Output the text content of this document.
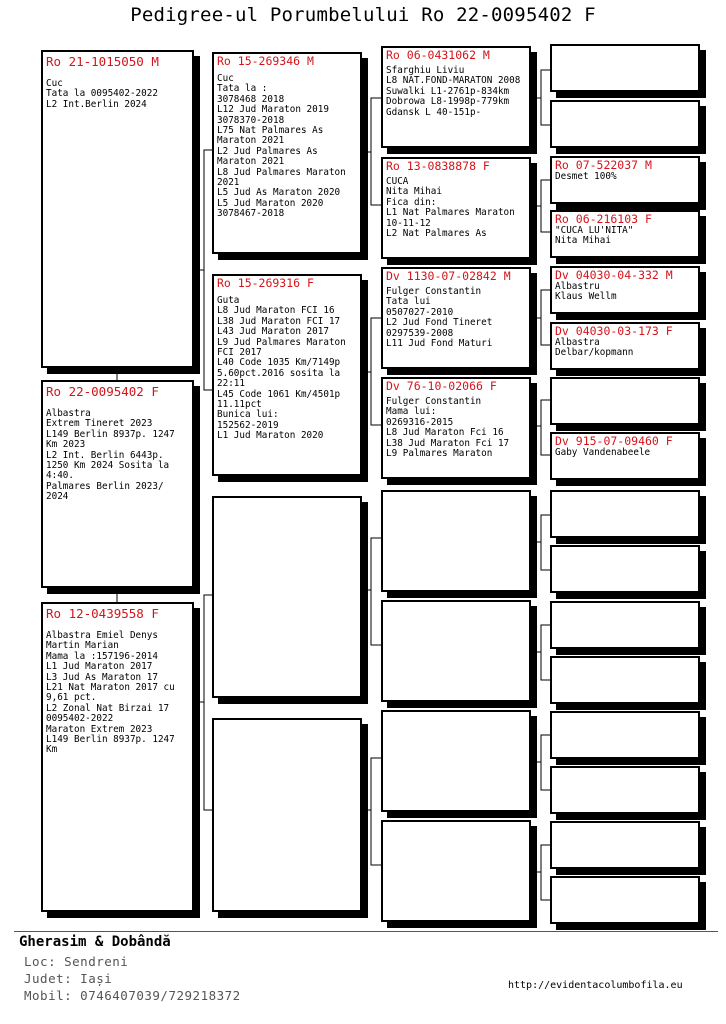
Pedigree-ul Porumbelului Ro 22-0095402 F
Ro 21-1015050 M
Cuc
Tata la 0095402-2022
L2 Int.Berlin 2024
Ro 22-0095402 F
Albastra
Extrem Tineret 2023
L149 Berlin 8937p. 1247 Km 2023
L2 Int. Berlin 6443p. 1250 Km 2024 Sosita la 4:40.
Palmares Berlin 2023/ 2024
Ro 12-0439558 F
Albastra Emiel Denys
Martin Marian
Mama la :157196-2014
L1 Jud Maraton 2017
L3 Jud As Maraton 17
L21 Nat Maraton 2017 cu 9,61 pct.
L2 Zonal Nat Birzai 17
0095402-2022
Maraton Extrem 2023
L149 Berlin 8937p. 1247 Km
Ro 15-269346 M
Cuc
Tata la :
3078468 2018
L12 Jud Maraton 2019
3078370-2018
L75 Nat Palmares As Maraton 2021
L2 Jud Palmares As Maraton 2021
L8 Jud Palmares Maraton 2021
L5 Jud As Maraton 2020
L5 Jud Maraton 2020
3078467-2018
Ro 15-269316 F
Guta
L8 Jud Maraton FCI 16
L38 Jud Maraton FCI 17
L43 Jud Maraton 2017
L9 Jud Palmares Maraton FCI 2017
L40 Code 1035 Km/7149p 5.60pct.2016 sosita la 22:11
L45 Code 1061 Km/4501p 11.11pct
Bunica lui:
152562-2019
L1 Jud Maraton 2020
Ro 06-0431062 M
Sfarghiu Liviu
L8 NAT.FOND-MARATON 2008
Suwalki L1-2761p-834km
Dobrowa L8-1998p-779km
Gdansk L 40-151p-
Ro 13-0838878 F
CUCA
Nita Mihai
Fica din:
L1 Nat Palmares Maraton 10-11-12
L2 Nat Palmares As
Dv 1130-07-02842 M
Fulger Constantin
Tata lui
0507027-2010
L2 Jud Fond Tineret
0297539-2008
L11 Jud Fond Maturi
Dv 76-10-02066 F
Fulger Constantin
Mama lui:
0269316-2015
L8 Jud Maraton Fci 16
L38 Jud Maraton Fci 17
L9 Palmares Maraton
Ro 07-522037 M
Desmet 100%
Ro 06-216103 F
"CUCA LU'NITA"
Nita Mihai
Dv 04030-04-332 M
Albastru
Klaus Wellm
Dv 04030-03-173 F
Albastra
Delbar/kopmann
Dv 915-07-09460 F
Gaby Vandenabeele
Gherasim & Dobândă
Loc: Sendreni
Judet: Iași
Mobil: 0746407039/729218372
http://evidentacolumbofila.eu
